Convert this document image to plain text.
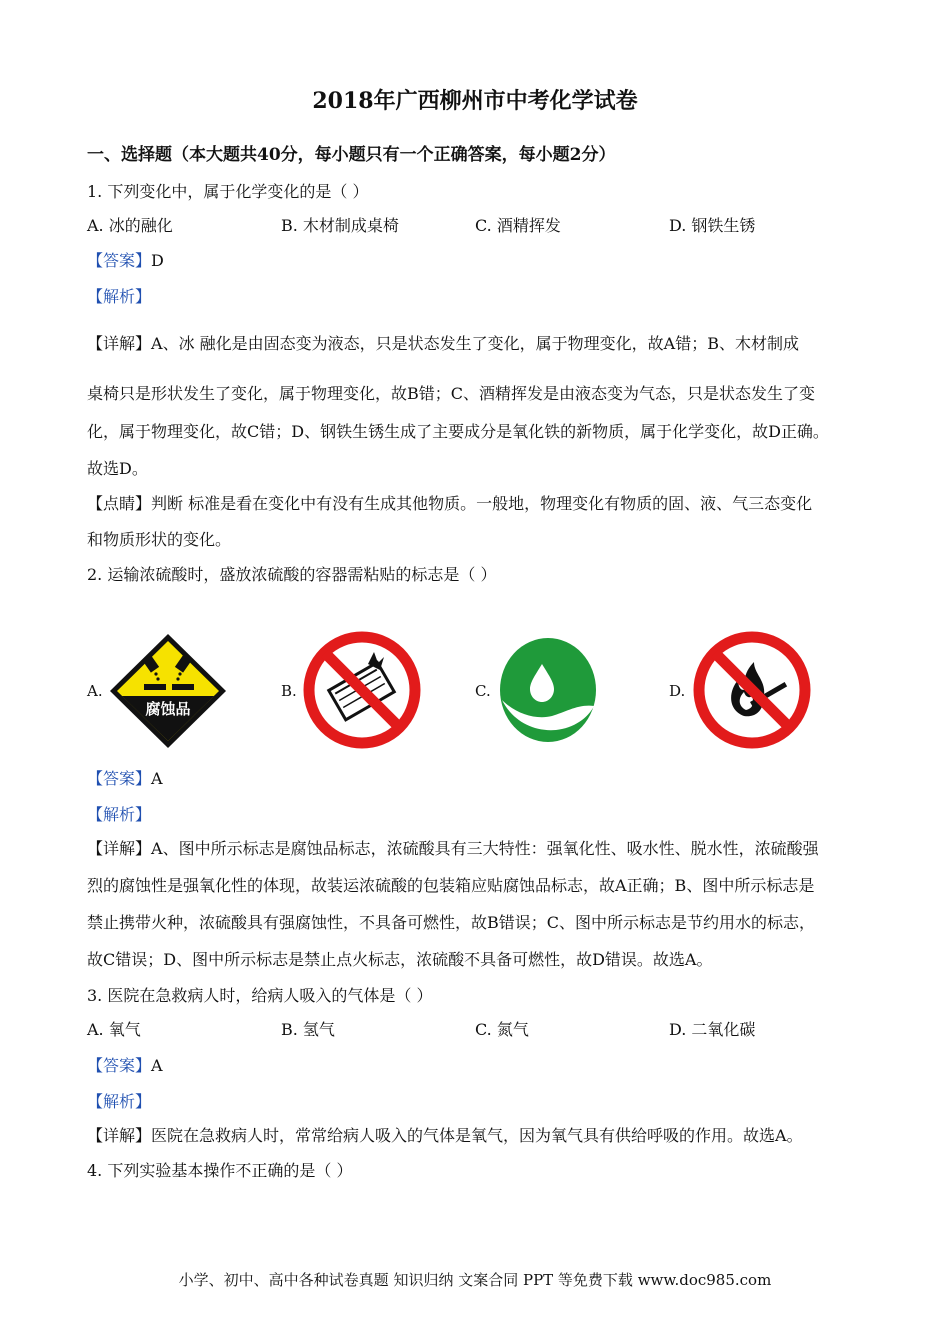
2018年广西柳州市中考化学试卷
一、选择题（本大题共40分，每小题只有一个正确答案，每小题2分）
1. 下列变化中，属于化学变化的是（ ）
A. 冰的融化	B. 木材制成桌椅	C. 酒精挥发	D. 钢铁生锈
【答案】D
【解析】
【详解】A、冰 融化是由固态变为液态，只是状态发生了变化，属于物理变化，故A错；B、木材制成
桌椅只是形状发生了变化，属于物理变化，故B错；C、酒精挥发是由液态变为气态，只是状态发生了变
化，属于物理变化，故C错；D、钢铁生锈生成了主要成分是氧化铁的新物质，属于化学变化，故D正确。
故选D。
【点睛】判断 标准是看在变化中有没有生成其他物质。一般地，物理变化有物质的固、液、气三态变化
和物质形状的变化。
2. 运输浓硫酸时，盛放浓硫酸的容器需粘贴的标志是（ ）
A.
腐蚀品
B.	C.	D.
【答案】A
【解析】
【详解】A、图中所示标志是腐蚀品标志，浓硫酸具有三大特性：强氧化性、吸水性、脱水性，浓硫酸强
烈的腐蚀性是强氧化性的体现，故装运浓硫酸的包装箱应贴腐蚀品标志，故A正确；B、图中所示标志是
禁止携带火种，浓硫酸具有强腐蚀性，不具备可燃性，故B错误；C、图中所示标志是节约用水的标志，
故C错误；D、图中所示标志是禁止点火标志，浓硫酸不具备可燃性，故D错误。故选A。
3. 医院在急救病人时，给病人吸入的气体是（ ）
A. 氧气	B. 氢气	C. 氮气	D. 二氧化碳
【答案】A
【解析】
【详解】医院在急救病人时，常常给病人吸入的气体是氧气，因为氧气具有供给呼吸的作用。故选A。
4. 下列实验基本操作不正确的是（ ）
小学、初中、高中各种试卷真题 知识归纳 文案合同 PPT 等免费下载 www.doc985.com
